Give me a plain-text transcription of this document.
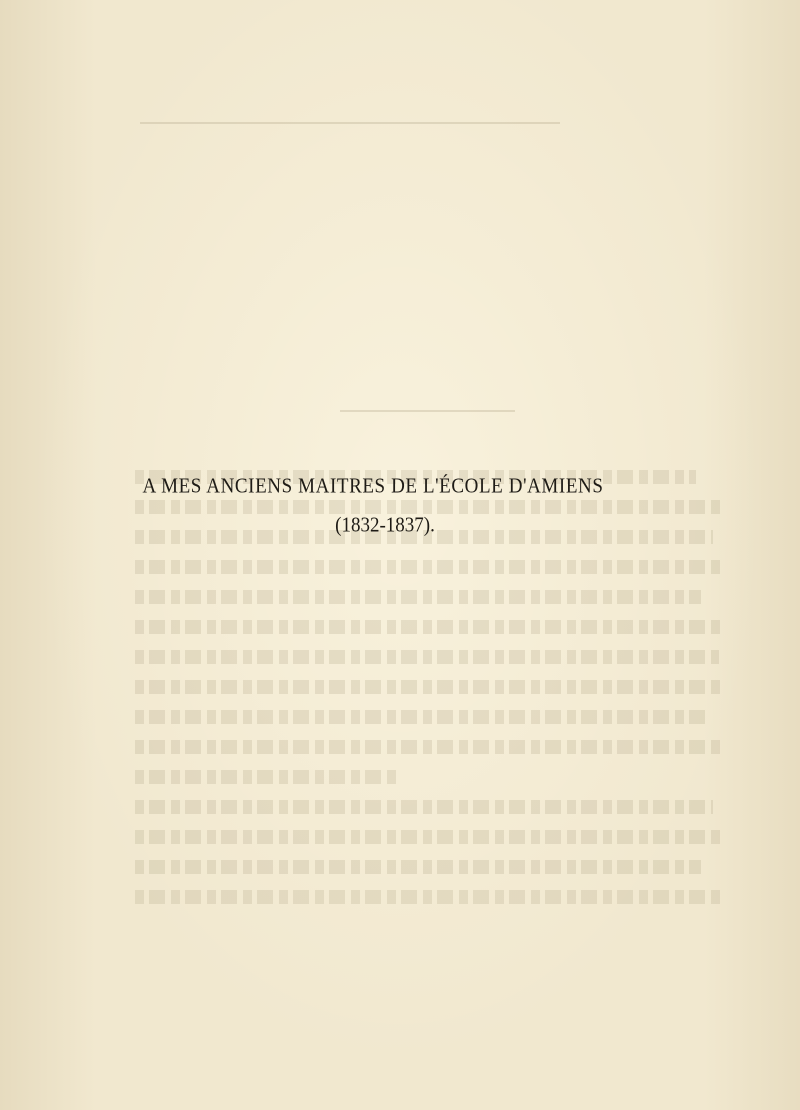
A MES ANCIENS MAITRES DE L'ÉCOLE D'AMIENS
(1832-1837).
